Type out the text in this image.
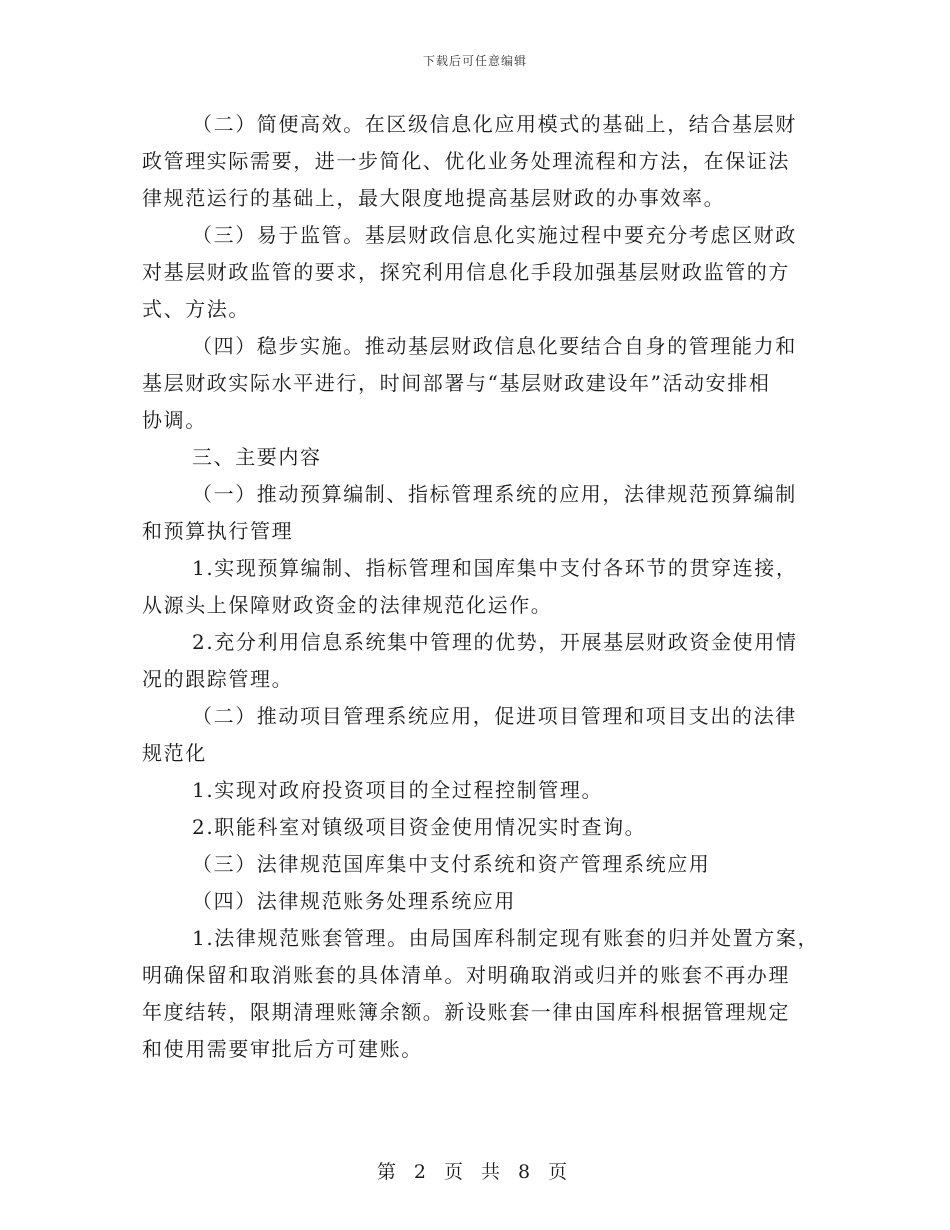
下载后可任意编辑
（二）简便高效。在区级信息化应用模式的基础上，结合基层财
政管理实际需要，进一步简化、优化业务处理流程和方法，在保证法
律规范运行的基础上，最大限度地提高基层财政的办事效率。
（三）易于监管。基层财政信息化实施过程中要充分考虑区财政
对基层财政监管的要求，探究利用信息化手段加强基层财政监管的方
式、方法。
（四）稳步实施。推动基层财政信息化要结合自身的管理能力和
基层财政实际水平进行，时间部署与“基层财政建设年”活动安排相
协调。
三、主要内容
（一）推动预算编制、指标管理系统的应用，法律规范预算编制
和预算执行管理
1.实现预算编制、指标管理和国库集中支付各环节的贯穿连接，
从源头上保障财政资金的法律规范化运作。
2.充分利用信息系统集中管理的优势，开展基层财政资金使用情
况的跟踪管理。
（二）推动项目管理系统应用，促进项目管理和项目支出的法律
规范化
1.实现对政府投资项目的全过程控制管理。
2.职能科室对镇级项目资金使用情况实时查询。
（三）法律规范国库集中支付系统和资产管理系统应用
（四）法律规范账务处理系统应用
1.法律规范账套管理。由局国库科制定现有账套的归并处置方案，
明确保留和取消账套的具体清单。对明确取消或归并的账套不再办理
年度结转，限期清理账簿余额。新设账套一律由国库科根据管理规定
和使用需要审批后方可建账。
第 2 页 共 8 页
